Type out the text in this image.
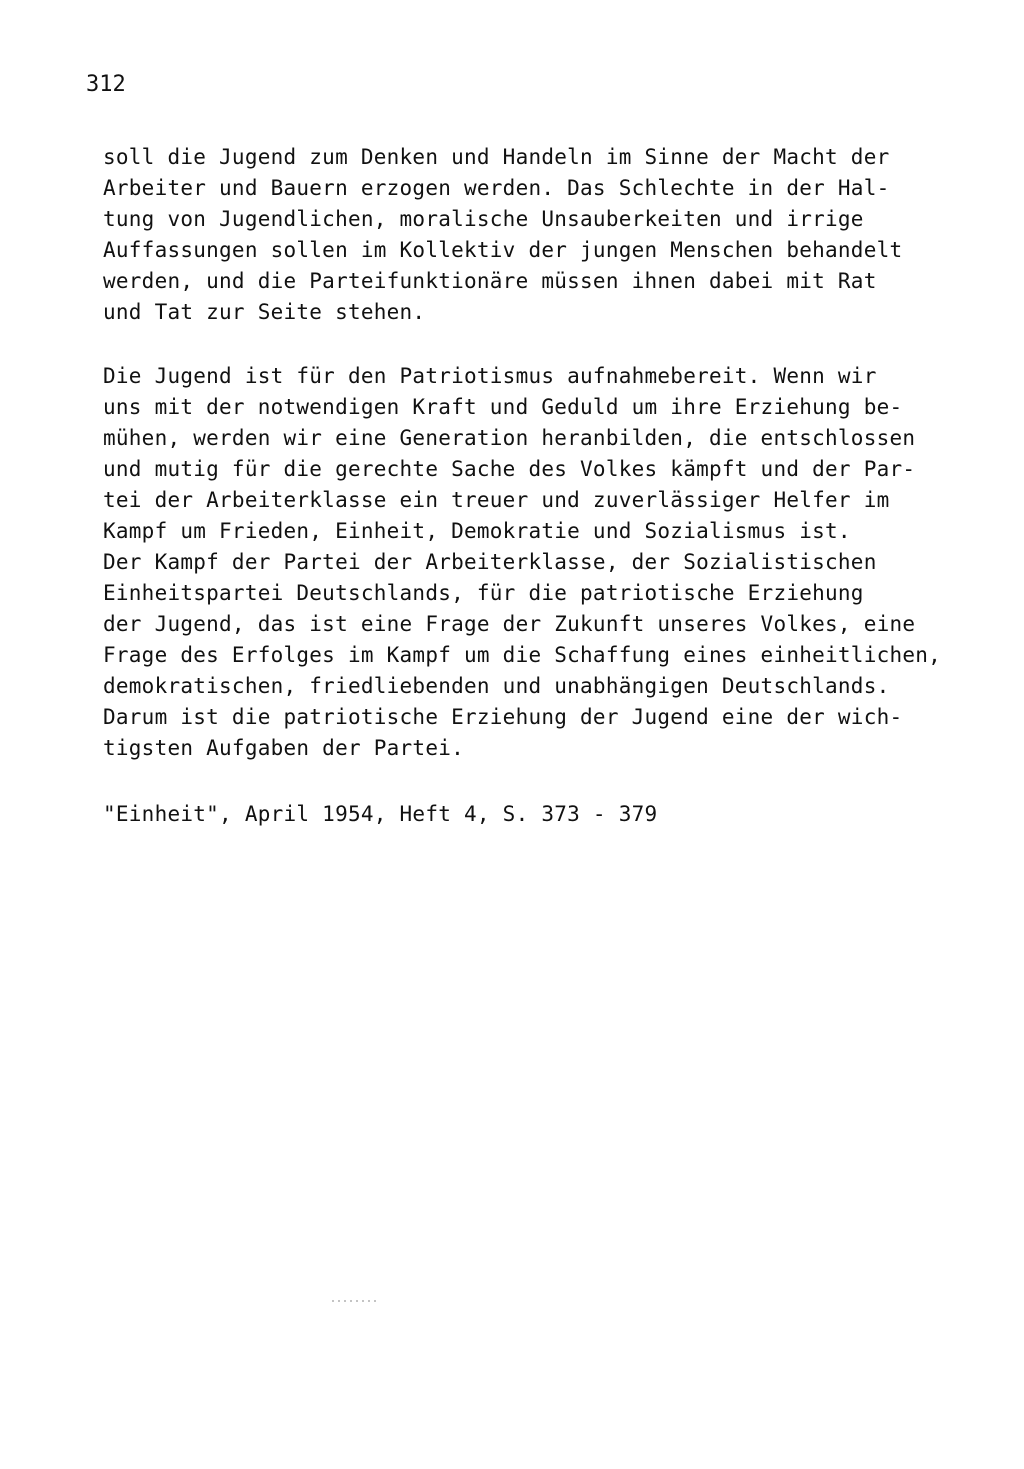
312
soll die Jugend zum Denken und Handeln im Sinne der Macht der
Arbeiter und Bauern erzogen werden. Das Schlechte in der Hal-
tung von Jugendlichen, moralische Unsauberkeiten und irrige
Auffassungen sollen im Kollektiv der jungen Menschen behandelt
werden, und die Parteifunktionäre müssen ihnen dabei mit Rat
und Tat zur Seite stehen.
Die Jugend ist für den Patriotismus aufnahmebereit. Wenn wir
uns mit der notwendigen Kraft und Geduld um ihre Erziehung be-
mühen, werden wir eine Generation heranbilden, die entschlossen
und mutig für die gerechte Sache des Volkes kämpft und der Par-
tei der Arbeiterklasse ein treuer und zuverlässiger Helfer im
Kampf um Frieden, Einheit, Demokratie und Sozialismus ist.
Der Kampf der Partei der Arbeiterklasse, der Sozialistischen
Einheitspartei Deutschlands, für die patriotische Erziehung
der Jugend, das ist eine Frage der Zukunft unseres Volkes, eine
Frage des Erfolges im Kampf um die Schaffung eines einheitlichen,
demokratischen, friedliebenden und unabhängigen Deutschlands.
Darum ist die patriotische Erziehung der Jugend eine der wich-
tigsten Aufgaben der Partei.
"Einheit", April 1954, Heft 4, S. 373 - 379
